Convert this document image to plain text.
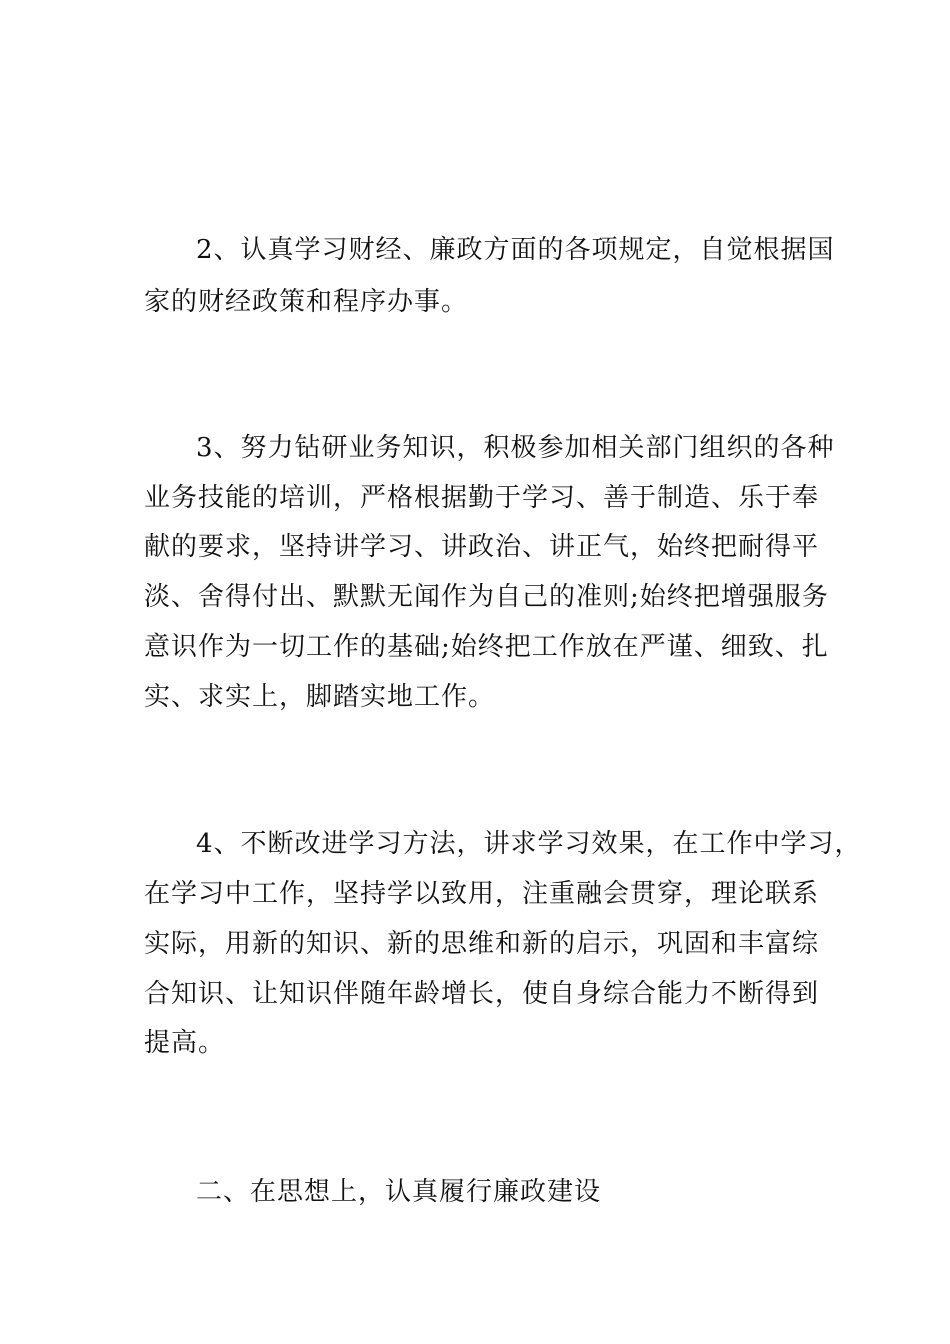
2、认真学习财经、廉政方面的各项规定，自觉根据国
家的财经政策和程序办事。
3、努力钻研业务知识，积极参加相关部门组织的各种
业务技能的培训，严格根据勤于学习、善于制造、乐于奉
献的要求，坚持讲学习、讲政治、讲正气，始终把耐得平
淡、舍得付出、默默无闻作为自己的准则;始终把增强服务
意识作为一切工作的基础;始终把工作放在严谨、细致、扎
实、求实上，脚踏实地工作。
4、不断改进学习方法，讲求学习效果，在工作中学习，
在学习中工作，坚持学以致用，注重融会贯穿，理论联系
实际，用新的知识、新的思维和新的启示，巩固和丰富综
合知识、让知识伴随年龄增长，使自身综合能力不断得到
提高。
二、在思想上，认真履行廉政建设
